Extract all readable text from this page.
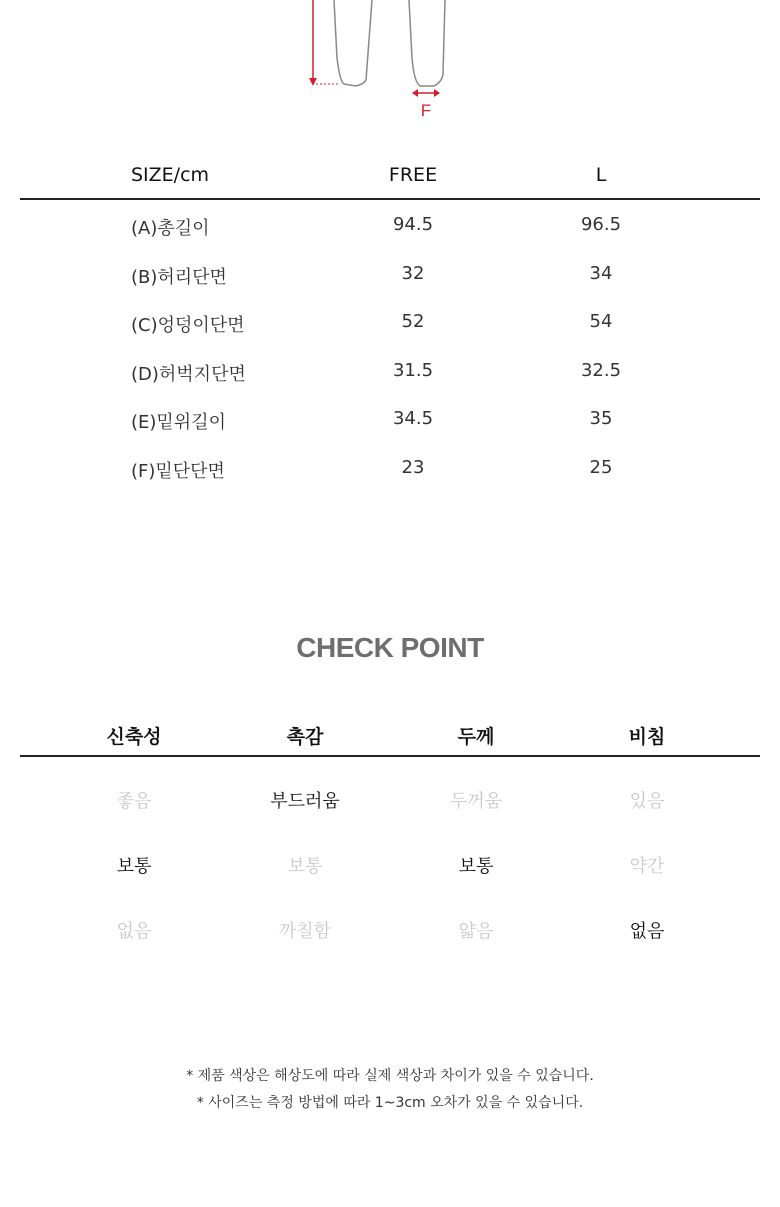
F
SIZE/cm	FREE	L
(A)총길이	94.5	96.5
(B)허리단면	32	34
(C)엉덩이단면	52	54
(D)허벅지단면	31.5	32.5
(E)밑위길이	34.5	35
(F)밑단단면	23	25
CHECK POINT
신축성	촉감	두께	비침
좋음	부드러움	두꺼움	있음
보통	보통	보통	약간
없음	까칠함	얇음	없음
* 제품 색상은 해상도에 따라 실제 색상과 차이가 있을 수 있습니다.
* 사이즈는 측정 방법에 따라 1~3cm 오차가 있을 수 있습니다.
